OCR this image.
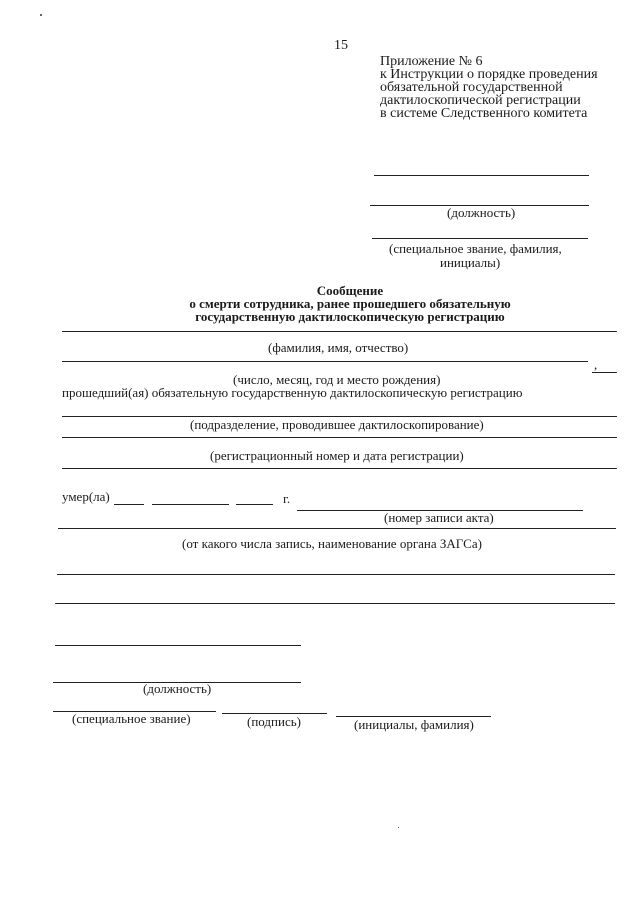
15
Приложение № 6
к Инструкции о порядке проведения
обязательной государственной
дактилоскопической регистрации
в системе Следственного комитета
(должность)
(специальное звание, фамилия,
инициалы)
Сообщение
о смерти сотрудника, ранее прошедшего обязательную
государственную дактилоскопическую регистрацию
(фамилия, имя, отчество)
,
(число, месяц, год и место рождения)
прошедший(ая) обязательную государственную дактилоскопическую регистрацию
(подразделение, проводившее дактилоскопирование)
(регистрационный номер и дата регистрации)
умер(ла)	г.
(номер записи акта)
(от какого числа запись, наименование органа ЗАГСа)
(должность)
(специальное звание)	(подпись)	(инициалы, фамилия)
